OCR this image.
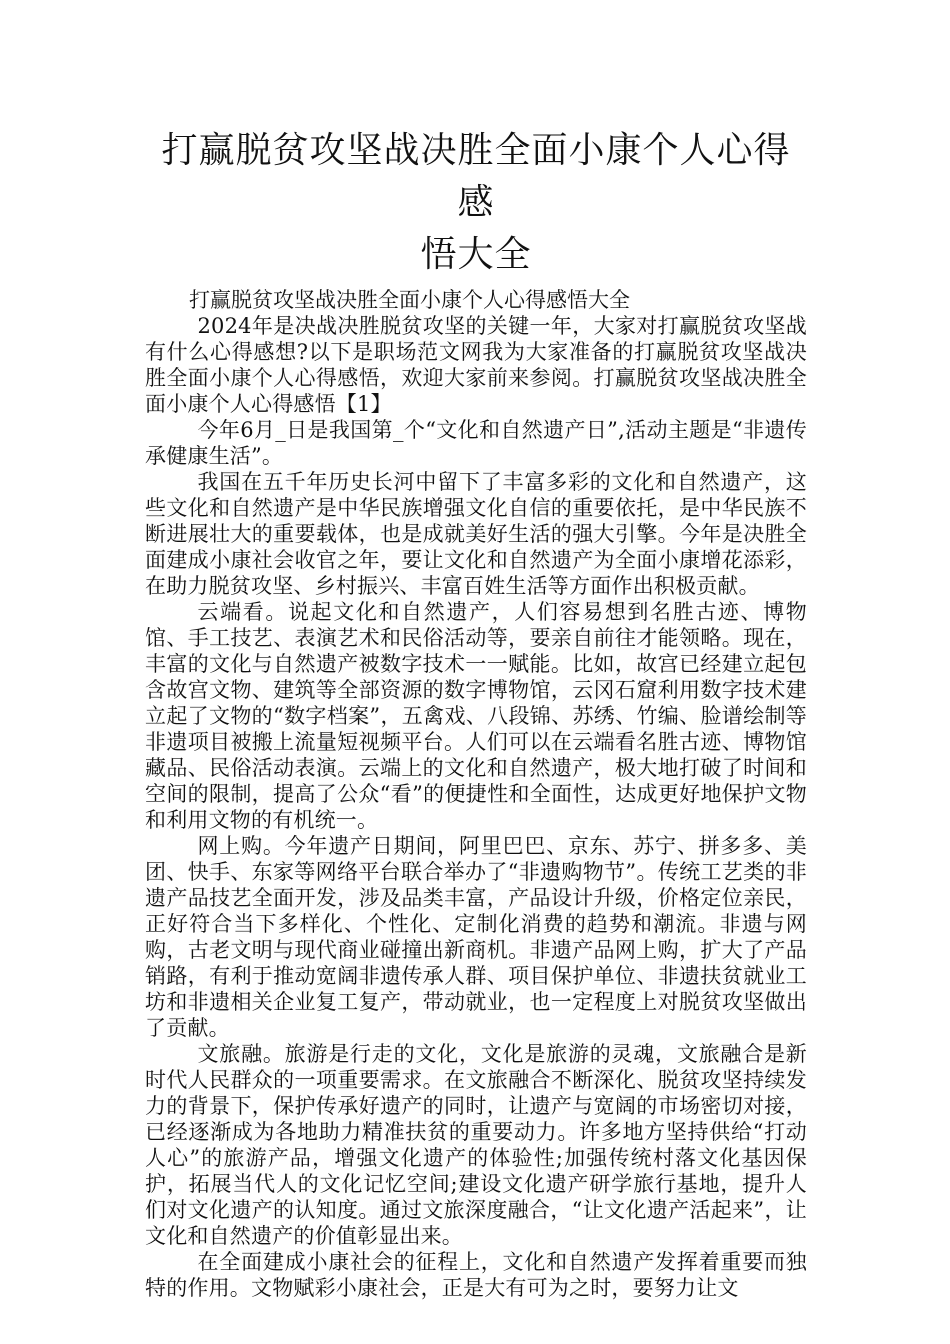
打赢脱贫攻坚战决胜全面小康个人心得感
悟大全

打赢脱贫攻坚战决胜全面小康个人心得感悟大全

2024年是决战决胜脱贫攻坚的关键一年，大家对打赢脱贫攻坚战有什么心得感想?以下是职场范文网我为大家准备的打赢脱贫攻坚战决胜全面小康个人心得感悟，欢迎大家前来参阅。打赢脱贫攻坚战决胜全面小康个人心得感悟【1】

今年6月_日是我国第_个“文化和自然遗产日”,活动主题是“非遗传承健康生活”。

我国在五千年历史长河中留下了丰富多彩的文化和自然遗产，这些文化和自然遗产是中华民族增强文化自信的重要依托，是中华民族不断进展壮大的重要载体，也是成就美好生活的强大引擎。今年是决胜全面建成小康社会收官之年，要让文化和自然遗产为全面小康增花添彩，在助力脱贫攻坚、乡村振兴、丰富百姓生活等方面作出积极贡献。

云端看。说起文化和自然遗产，人们容易想到名胜古迹、博物馆、手工技艺、表演艺术和民俗活动等，要亲自前往才能领略。现在，丰富的文化与自然遗产被数字技术一一赋能。比如，故宫已经建立起包含故宫文物、建筑等全部资源的数字博物馆，云冈石窟利用数字技术建立起了文物的“数字档案”，五禽戏、八段锦、苏绣、竹编、脸谱绘制等非遗项目被搬上流量短视频平台。人们可以在云端看名胜古迹、博物馆藏品、民俗活动表演。云端上的文化和自然遗产，极大地打破了时间和空间的限制，提高了公众“看”的便捷性和全面性，达成更好地保护文物和利用文物的有机统一。

网上购。今年遗产日期间，阿里巴巴、京东、苏宁、拼多多、美团、快手、东家等网络平台联合举办了“非遗购物节”。传统工艺类的非遗产品技艺全面开发，涉及品类丰富，产品设计升级，价格定位亲民，正好符合当下多样化、个性化、定制化消费的趋势和潮流。非遗与网购，古老文明与现代商业碰撞出新商机。非遗产品网上购，扩大了产品销路，有利于推动宽阔非遗传承人群、项目保护单位、非遗扶贫就业工坊和非遗相关企业复工复产，带动就业，也一定程度上对脱贫攻坚做出了贡献。

文旅融。旅游是行走的文化，文化是旅游的灵魂，文旅融合是新时代人民群众的一项重要需求。在文旅融合不断深化、脱贫攻坚持续发力的背景下，保护传承好遗产的同时，让遗产与宽阔的市场密切对接，已经逐渐成为各地助力精准扶贫的重要动力。许多地方坚持供给“打动人心”的旅游产品，增强文化遗产的体验性;加强传统村落文化基因保护，拓展当代人的文化记忆空间;建设文化遗产研学旅行基地，提升人们对文化遗产的认知度。通过文旅深度融合，“让文化遗产活起来”，让文化和自然遗产的价值彰显出来。

在全面建成小康社会的征程上，文化和自然遗产发挥着重要而独特的作用。文物赋彩小康社会，正是大有可为之时，要努力让文
